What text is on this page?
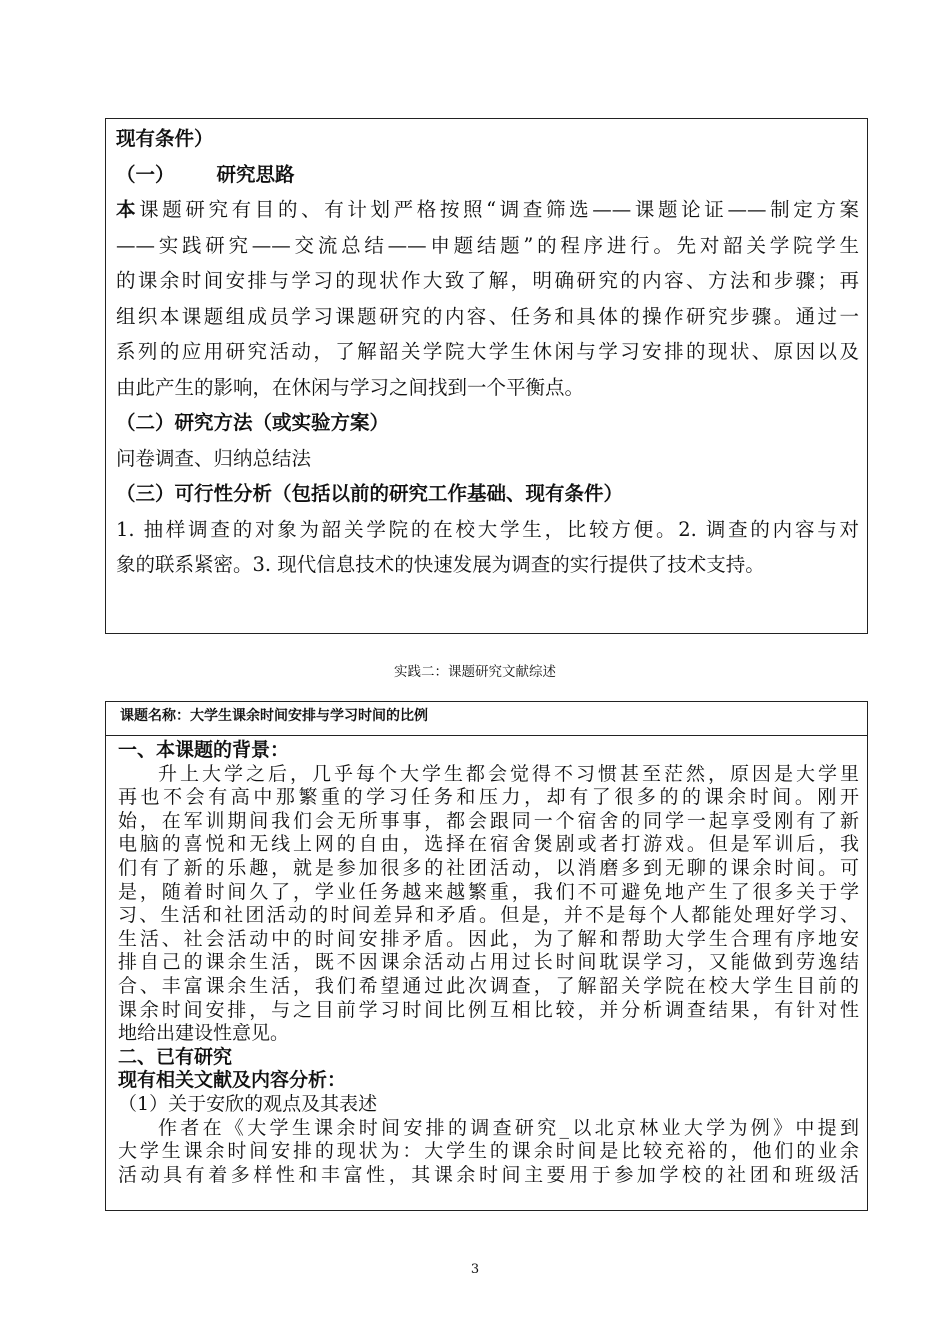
现有条件）
（一） 研究思路
本课题研究有目的、有计划严格按照“调查筛选——课题论证——制定方案
——实践研究——交流总结——申题结题”的程序进行。先对韶关学院学生
的课余时间安排与学习的现状作大致了解，明确研究的内容、方法和步骤；再
组织本课题组成员学习课题研究的内容、任务和具体的操作研究步骤。通过一
系列的应用研究活动，了解韶关学院大学生休闲与学习安排的现状、原因以及
由此产生的影响，在休闲与学习之间找到一个平衡点。
（二）研究方法（或实验方案）
问卷调查、归纳总结法
（三）可行性分析（包括以前的研究工作基础、现有条件）
1. 抽样调查的对象为韶关学院的在校大学生，比较方便。2. 调查的内容与对
象的联系紧密。3. 现代信息技术的快速发展为调查的实行提供了技术支持。
实践二：课题研究文献综述
课题名称：大学生课余时间安排与学习时间的比例
一、本课题的背景：
升上大学之后，几乎每个大学生都会觉得不习惯甚至茫然，原因是大学里
再也不会有高中那繁重的学习任务和压力，却有了很多的的课余时间。刚开
始，在军训期间我们会无所事事，都会跟同一个宿舍的同学一起享受刚有了新
电脑的喜悦和无线上网的自由，选择在宿舍煲剧或者打游戏。但是军训后，我
们有了新的乐趣，就是参加很多的社团活动，以消磨多到无聊的课余时间。可
是，随着时间久了，学业任务越来越繁重，我们不可避免地产生了很多关于学
习、生活和社团活动的时间差异和矛盾。但是，并不是每个人都能处理好学习、
生活、社会活动中的时间安排矛盾。因此，为了解和帮助大学生合理有序地安
排自己的课余生活，既不因课余活动占用过长时间耽误学习，又能做到劳逸结
合、丰富课余生活，我们希望通过此次调查，了解韶关学院在校大学生目前的
课余时间安排，与之目前学习时间比例互相比较，并分析调查结果，有针对性
地给出建设性意见。
二、已有研究
现有相关文献及内容分析：
（1）关于安欣的观点及其表述
作者在《大学生课余时间安排的调查研究_以北京林业大学为例》中提到
大学生课余时间安排的现状为：大学生的课余时间是比较充裕的，他们的业余
活动具有着多样性和丰富性，其课余时间主要用于参加学校的社团和班级活
3
